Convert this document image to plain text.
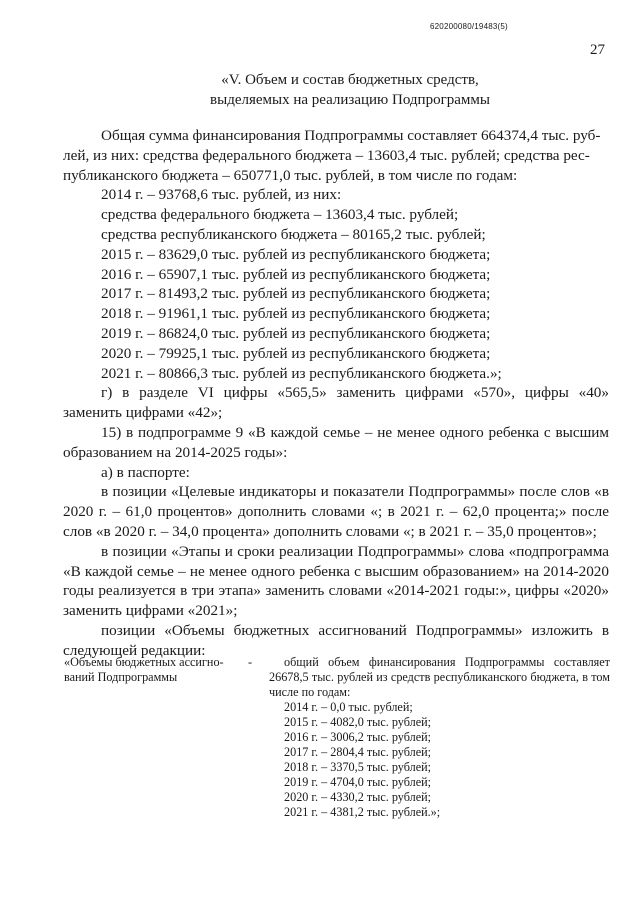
620200080/19483(5)
27
«V. Объем и состав бюджетных средств,
выделяемых на реализацию Подпрограммы
Общая сумма финансирования Подпрограммы составляет 664374,4 тыс. руб-
лей, из них: средства федерального бюджета – 13603,4 тыс. рублей; средства рес-
публиканского бюджета – 650771,0 тыс. рублей, в том числе по годам:
2014 г. – 93768,6 тыс. рублей, из них:
средства федерального бюджета – 13603,4 тыс. рублей;
средства республиканского бюджета – 80165,2 тыс. рублей;
2015 г. – 83629,0 тыс. рублей из республиканского бюджета;
2016 г. – 65907,1 тыс. рублей из республиканского бюджета;
2017 г. – 81493,2 тыс. рублей из республиканского бюджета;
2018 г. – 91961,1 тыс. рублей из республиканского бюджета;
2019 г. – 86824,0 тыс. рублей из республиканского бюджета;
2020 г. – 79925,1 тыс. рублей из республиканского бюджета;
2021 г. – 80866,3 тыс. рублей из республиканского бюджета.»;

г) в разделе VI цифры «565,5» заменить цифрами «570», цифры «40» заменить цифрами «42»;

15) в подпрограмме 9 «В каждой семье – не менее одного ребенка с высшим образованием на 2014-2025 годы»:

а) в паспорте:

в позиции «Целевые индикаторы и показатели Подпрограммы» после слов «в 2020 г. – 61,0 процентов» дополнить словами «; в 2021 г. – 62,0 процента;» после слов «в 2020 г. – 34,0 процента» дополнить словами «; в 2021 г. – 35,0 процентов»;

в позиции «Этапы и сроки реализации Подпрограммы» слова «подпрограмма «В каждой семье – не менее одного ребенка с высшим образованием» на 2014-2020 годы реализуется в три этапа» заменить словами «2014-2021 годы:», цифры «2020» заменить цифрами «2021»;

позиции «Объемы бюджетных ассигнований Подпрограммы» изложить в следующей редакции:

«Объемы бюджетных ассигно-
ваний Подпрограммы
-	общий объем финансирования Подпрограммы составляет 26678,5 тыс. рублей из средств республиканского бюджета, в том числе по годам:
2014 г. – 0,0 тыс. рублей;
2015 г. – 4082,0 тыс. рублей;
2016 г. – 3006,2 тыс. рублей;
2017 г. – 2804,4 тыс. рублей;
2018 г. – 3370,5 тыс. рублей;
2019 г. – 4704,0 тыс. рублей;
2020 г. – 4330,2 тыс. рублей;
2021 г. – 4381,2 тыс. рублей.»;
